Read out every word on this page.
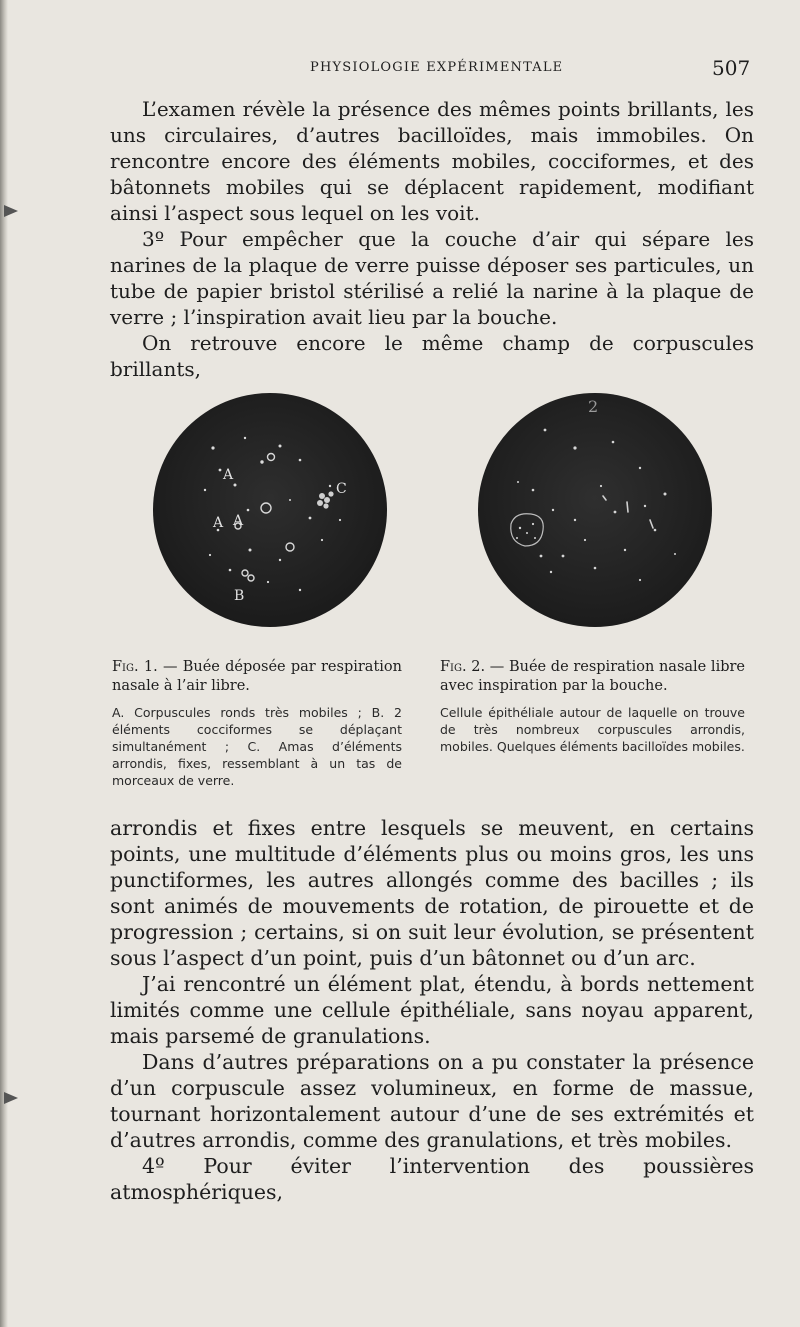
PHYSIOLOGIE EXPÉRIMENTALE	507

L’examen révèle la présence des mêmes points brillants, les uns circulaires, d’autres bacilloïdes, mais immobiles. On rencontre encore des éléments mobiles, cocciformes, et des bâtonnets mobiles qui se déplacent rapidement, modifiant ainsi l’aspect sous lequel on les voit.

3º Pour empêcher que la couche d’air qui sépare les narines de la plaque de verre puisse déposer ses particules, un tube de papier bristol stérilisé a relié la narine à la plaque de verre ; l’inspiration avait lieu par la bouche.

On retrouve encore le même champ de corpuscules brillants,

A
A A
C
B
2
Fig. 1. — Buée déposée par respiration nasale à l’air libre.
A. Corpuscules ronds très mobiles ; B. 2 éléments cocciformes se déplaçant simultanément ; C. Amas d’éléments arrondis, fixes, ressemblant à un tas de morceaux de verre.
Fig. 2. — Buée de respiration nasale libre avec inspiration par la bouche.
Cellule épithéliale autour de laquelle on trouve de très nombreux corpuscules arrondis, mobiles. Quelques éléments bacilloïdes mobiles.

arrondis et fixes entre lesquels se meuvent, en certains points, une multitude d’éléments plus ou moins gros, les uns punctiformes, les autres allongés comme des bacilles ; ils sont animés de mouvements de rotation, de pirouette et de progression ; certains, si on suit leur évolution, se présentent sous l’aspect d’un point, puis d’un bâtonnet ou d’un arc.

J’ai rencontré un élément plat, étendu, à bords nettement limités comme une cellule épithéliale, sans noyau apparent, mais parsemé de granulations.

Dans d’autres préparations on a pu constater la présence d’un corpuscule assez volumineux, en forme de massue, tournant horizontalement autour d’une de ses extrémités et d’autres arrondis, comme des granulations, et très mobiles.

4º Pour éviter l’intervention des poussières atmosphériques,
